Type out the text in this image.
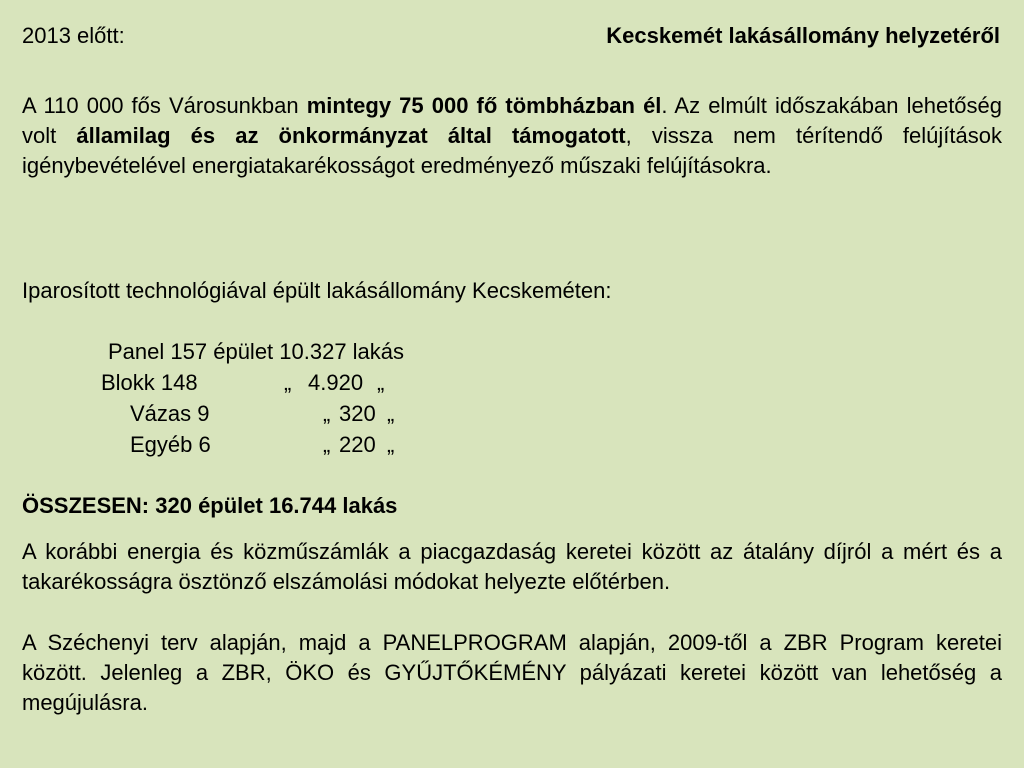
2013 előtt:	Kecskemét lakásállomány helyzetéről
A 110 000 fős Városunkban mintegy 75 000 fő tömbházban él. Az elmúlt időszakában lehetőség volt államilag és az önkormányzat által támogatott, vissza nem térítendő felújítások igénybevételével energiatakarékosságot eredményező műszaki felújításokra.
Iparosított technológiával épült lakásállomány Kecskeméten:
Panel 157 épület 10.327 lakás
Blokk 148	„ 4.920 „
Vázas 9	„ 320 „
Egyéb 6	„ 220 „
ÖSSZESEN: 320 épület 16.744 lakás
A korábbi energia és közműszámlák a piacgazdaság keretei között az átalány díjról a mért és a takarékosságra ösztönző elszámolási módokat helyezte előtérben.
A Széchenyi terv alapján, majd a PANELPROGRAM alapján, 2009-től a ZBR Program keretei között. Jelenleg a ZBR, ÖKO és GYŰJTŐKÉMÉNY pályázati keretei között van lehetőség a megújulásra.
